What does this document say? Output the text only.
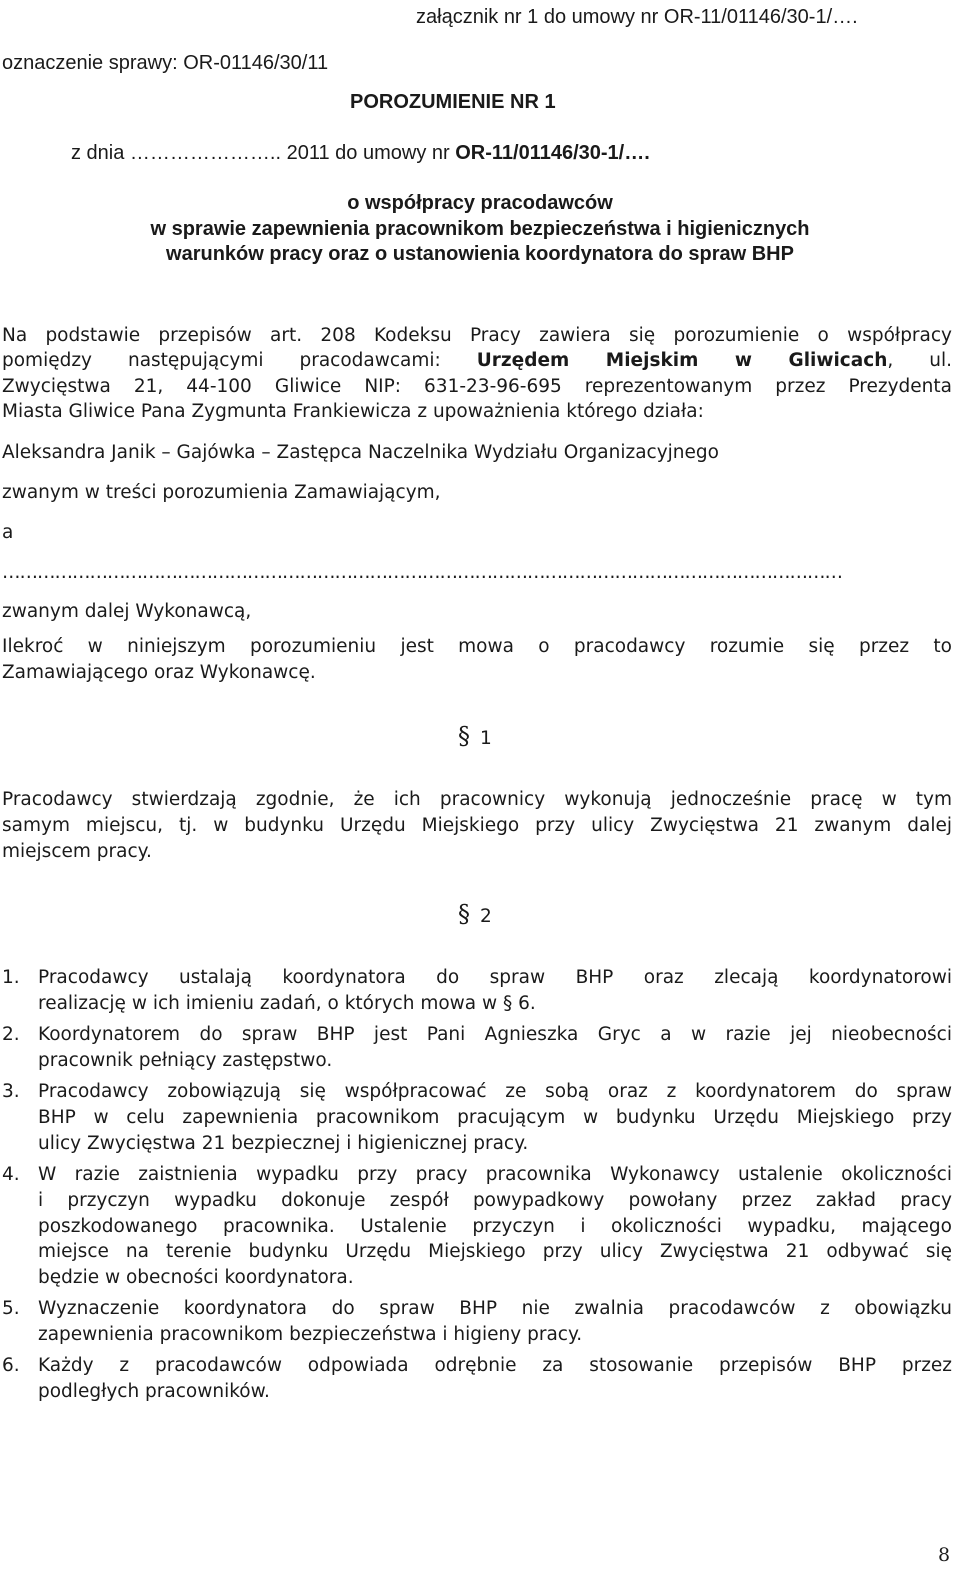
załącznik nr 1 do umowy nr OR-11/01146/30-1/….
oznaczenie sprawy: OR-01146/30/11
POROZUMIENIE NR 1
z dnia ………………….. 2011 do umowy nr OR-11/01146/30-1/….
o współpracy pracodawców
w sprawie zapewnienia pracownikom bezpieczeństwa i higienicznych
warunków pracy oraz o ustanowienia koordynatora do spraw BHP
Na podstawie przepisów art. 208 Kodeksu Pracy zawiera się porozumienie o współpracy
pomiędzy następującymi pracodawcami: Urzędem Miejskim w Gliwicach, ul.
Zwycięstwa 21, 44-100 Gliwice NIP: 631-23-96-695 reprezentowanym przez Prezydenta
Miasta Gliwice Pana Zygmunta Frankiewicza z upoważnienia którego działa:
Aleksandra Janik – Gajówka – Zastępca Naczelnika Wydziału Organizacyjnego
zwanym w treści porozumienia Zamawiającym,
a
………………………………………………………………………………………………………………………………
zwanym dalej Wykonawcą,
Ilekroć w niniejszym porozumieniu jest mowa o pracodawcy rozumie się przez to
Zamawiającego oraz Wykonawcę.
§ 1
Pracodawcy stwierdzają zgodnie, że ich pracownicy wykonują jednocześnie pracę w tym
samym miejscu, tj. w budynku Urzędu Miejskiego przy ulicy Zwycięstwa 21 zwanym dalej
miejscem pracy.
§ 2
1. Pracodawcy ustalają koordynatora do spraw BHP oraz zlecają koordynatorowi
realizację w ich imieniu zadań, o których mowa w § 6.
2. Koordynatorem do spraw BHP jest Pani Agnieszka Gryc a w razie jej nieobecności
pracownik pełniący zastępstwo.
3. Pracodawcy zobowiązują się współpracować ze sobą oraz z koordynatorem do spraw
BHP w celu zapewnienia pracownikom pracującym w budynku Urzędu Miejskiego przy
ulicy Zwycięstwa 21 bezpiecznej i higienicznej pracy.
4. W razie zaistnienia wypadku przy pracy pracownika Wykonawcy ustalenie okoliczności
i przyczyn wypadku dokonuje zespół powypadkowy powołany przez zakład pracy
poszkodowanego pracownika. Ustalenie przyczyn i okoliczności wypadku, mającego
miejsce na terenie budynku Urzędu Miejskiego przy ulicy Zwycięstwa 21 odbywać się
będzie w obecności koordynatora.
5. Wyznaczenie koordynatora do spraw BHP nie zwalnia pracodawców z obowiązku
zapewnienia pracownikom bezpieczeństwa i higieny pracy.
6. Każdy z pracodawców odpowiada odrębnie za stosowanie przepisów BHP przez
podległych pracowników.
8
